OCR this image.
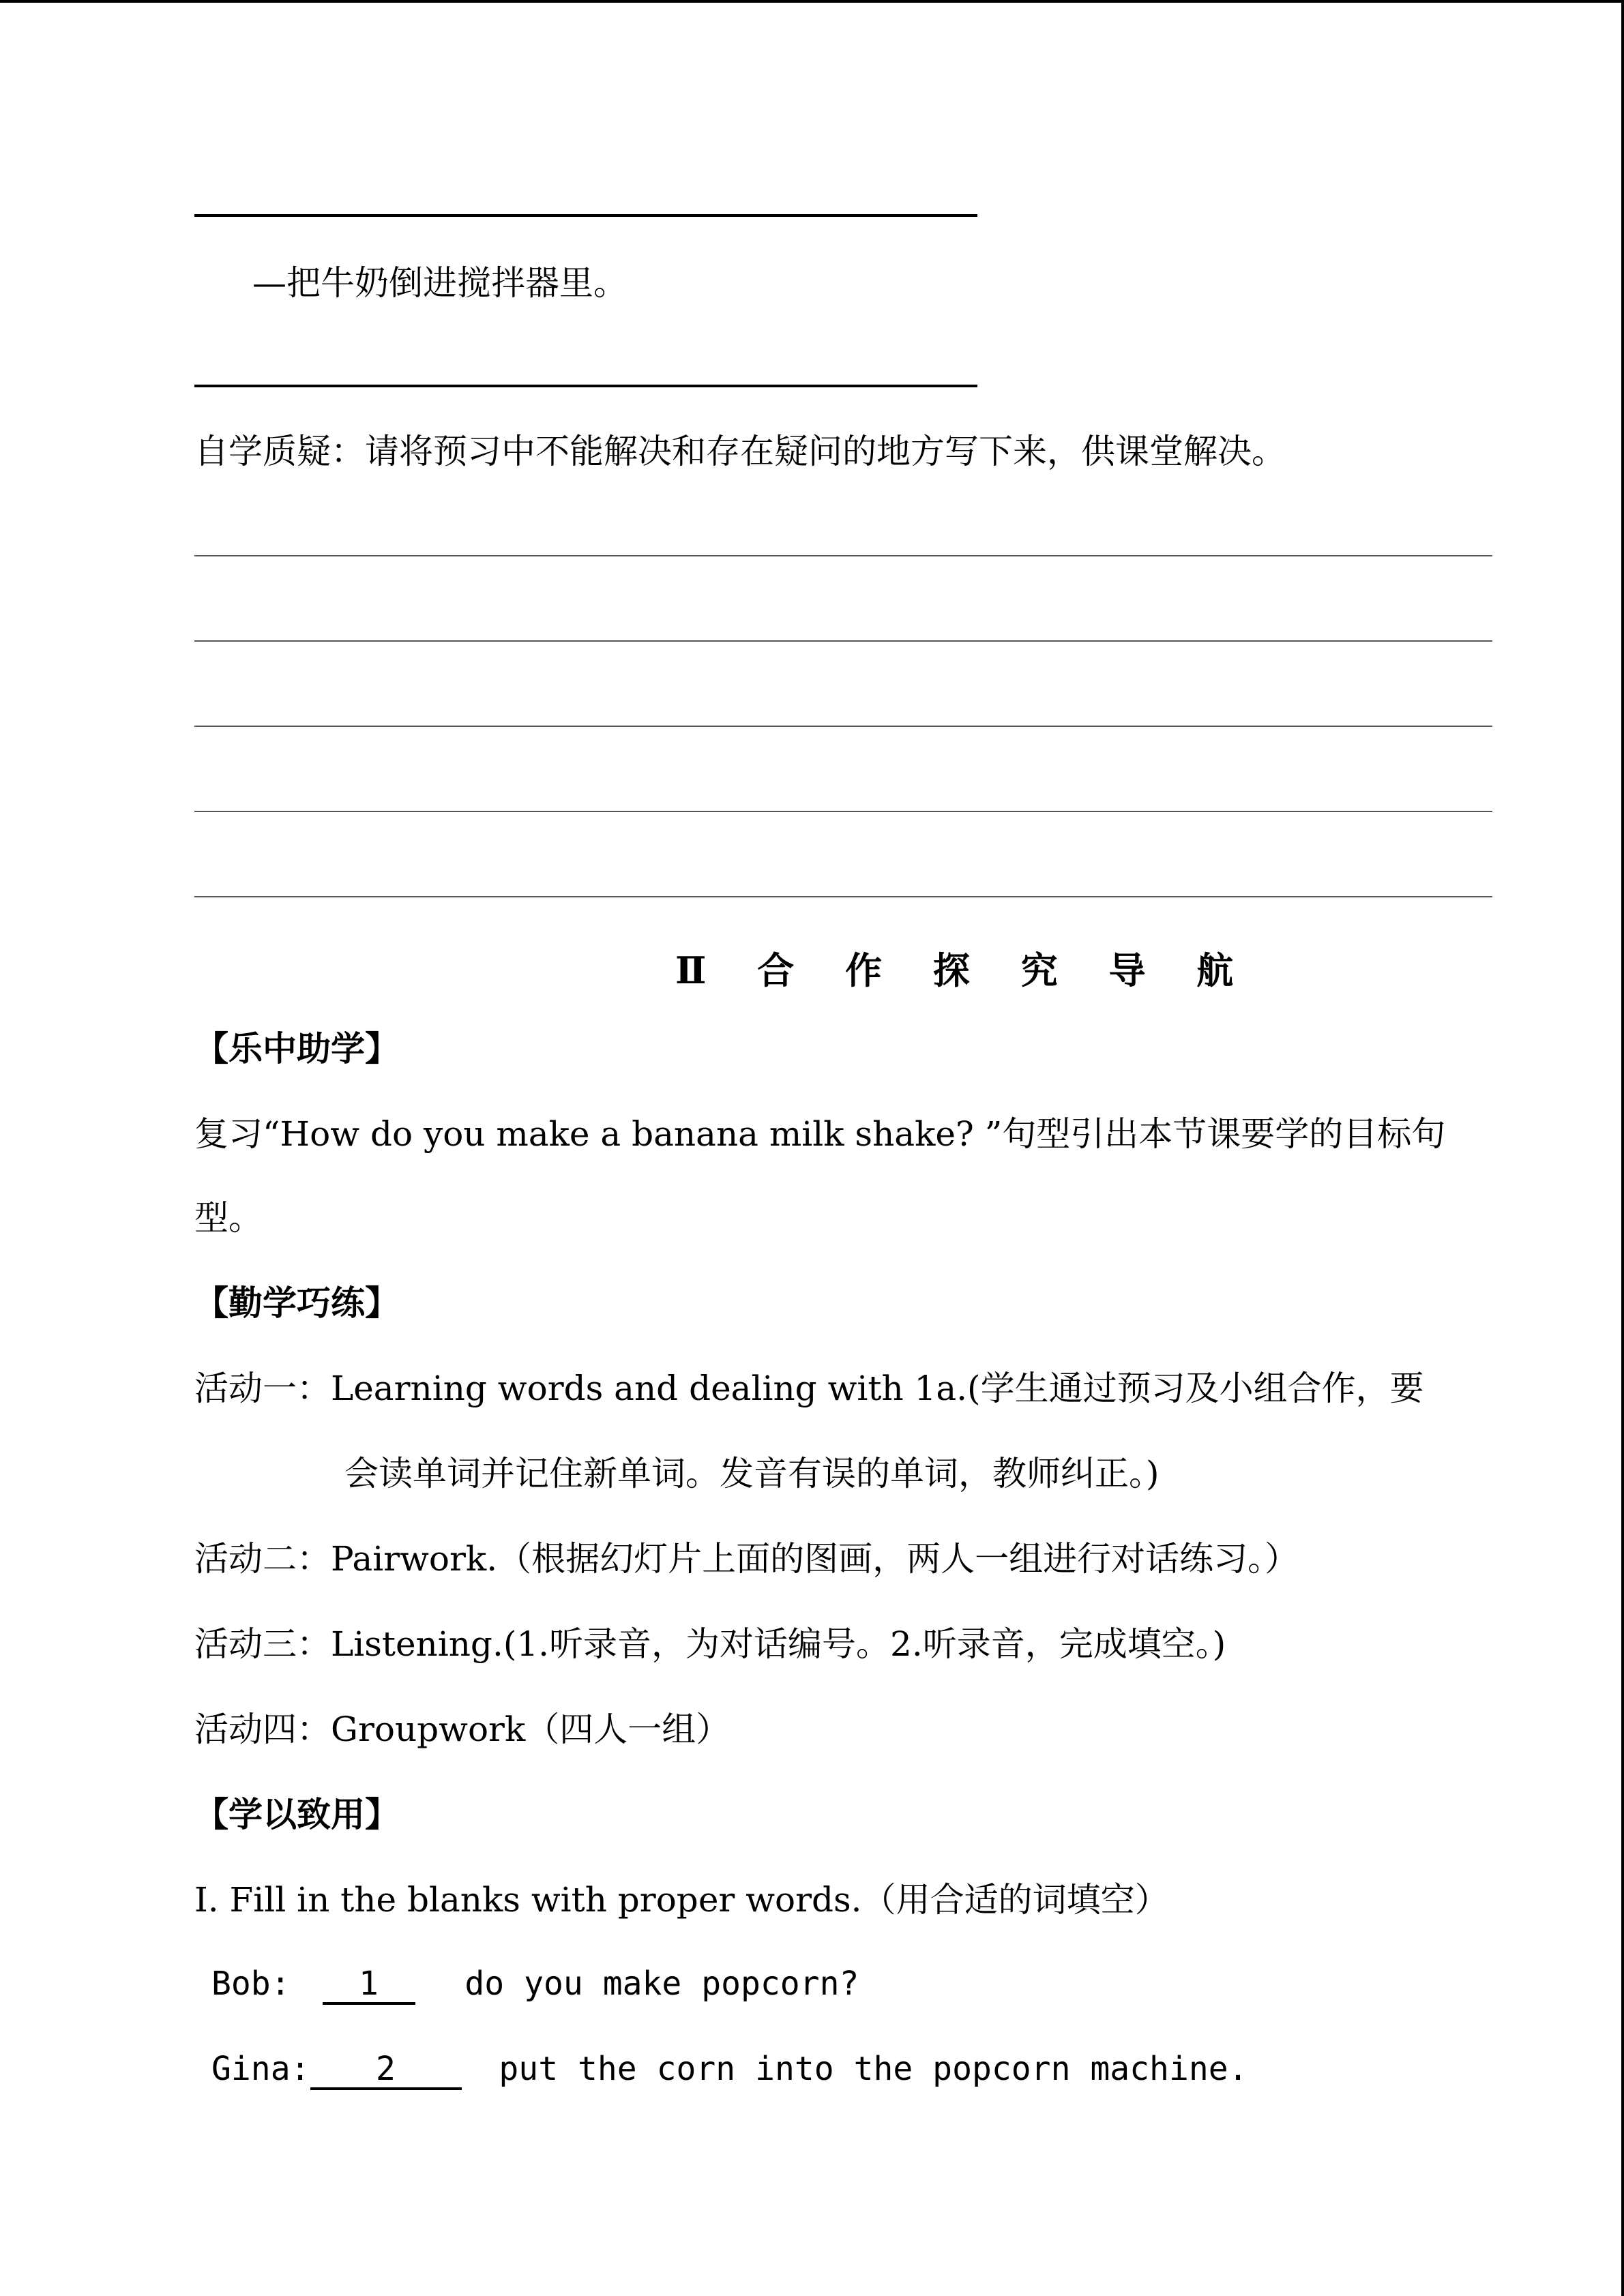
—把牛奶倒进搅拌器里。
自学质疑：请将预习中不能解决和存在疑问的地方写下来，供课堂解决。
Ⅱ 合 作 探 究 导 航
【乐中助学】
复习“How do you make a banana milk shake? ”句型引出本节课要学的目标句
型。
【勤学巧练】
活动一：Learning words and dealing with 1a.(学生通过预习及小组合作，要
会读单词并记住新单词。发音有误的单词，教师纠正。)
活动二：Pairwork.（根据幻灯片上面的图画，两人一组进行对话练习。）
活动三：Listening.(1.听录音，为对话编号。2.听录音，完成填空。)
活动四：Groupwork（四人一组）
【学以致用】
I. Fill in the blanks with proper words.（用合适的词填空）
Bob: 1	do you make popcorn?
Gina: 2	put the corn into the popcorn machine.
